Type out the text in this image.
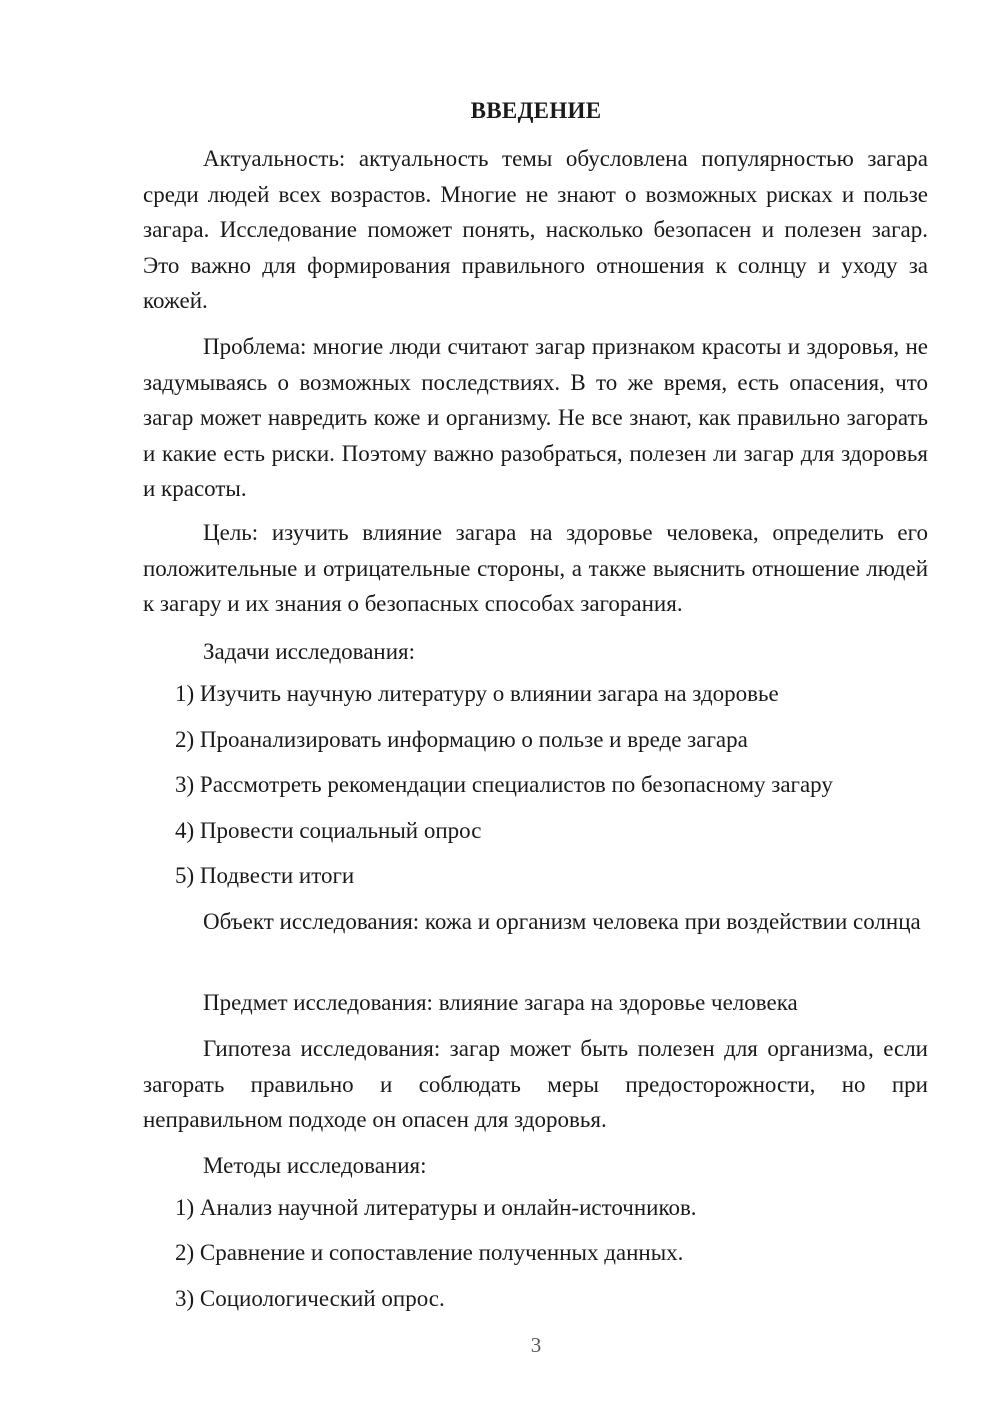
ВВЕДЕНИЕ

Актуальность: актуальность темы обусловлена популярностью загара среди людей всех возрастов. Многие не знают о возможных рисках и пользе загара. Исследование поможет понять, насколько безопасен и полезен загар. Это важно для формирования правильного отношения к солнцу и уходу за кожей.

Проблема: многие люди считают загар признаком красоты и здоровья, не задумываясь о возможных последствиях. В то же время, есть опасения, что загар может навредить коже и организму. Не все знают, как правильно загорать и какие есть риски. Поэтому важно разобраться, полезен ли загар для здоровья и красоты.

Цель: изучить влияние загара на здоровье человека, определить его положительные и отрицательные стороны, а также выяснить отношение людей к загару и их знания о безопасных способах загорания.

Задачи исследования:

1) Изучить научную литературу о влиянии загара на здоровье

2) Проанализировать информацию о пользе и вреде загара

3) Рассмотреть рекомендации специалистов по безопасному загару

4) Провести социальный опрос

5) Подвести итоги

Объект исследования: кожа и организм человека при воздействии солнца

Предмет исследования: влияние загара на здоровье человека

Гипотеза исследования: загар может быть полезен для организма, если загорать правильно и соблюдать меры предосторожности, но при неправильном подходе он опасен для здоровья.

Методы исследования:

1) Анализ научной литературы и онлайн-источников.

2) Сравнение и сопоставление полученных данных.

3) Социологический опрос.

3
